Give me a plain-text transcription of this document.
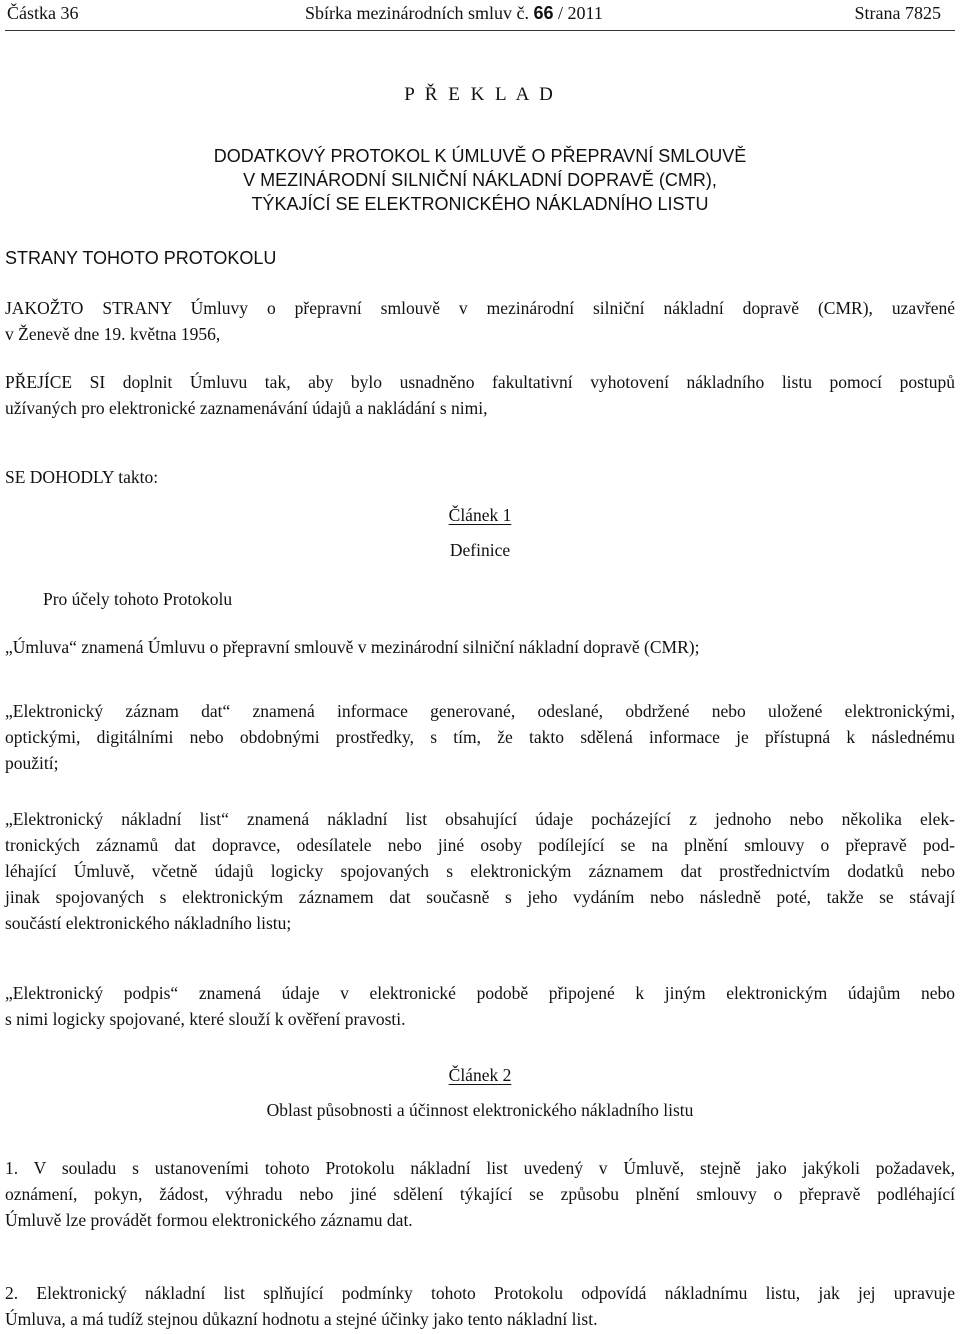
Částka 36	Sbírka mezinárodních smluv č. 66 / 2011	Strana 7825
P Ř E K L A D
DODATKOVÝ PROTOKOL K ÚMLUVĚ O PŘEPRAVNÍ SMLOUVĚ
V MEZINÁRODNÍ SILNIČNÍ NÁKLADNÍ DOPRAVĚ (CMR),
TÝKAJÍCÍ SE ELEKTRONICKÉHO NÁKLADNÍHO LISTU
STRANY TOHOTO PROTOKOLU
JAKOŽTO STRANY Úmluvy o přepravní smlouvě v mezinárodní silniční nákladní dopravě (CMR), uzavřené
v Ženevě dne 19. května 1956,
PŘEJÍCE SI doplnit Úmluvu tak, aby bylo usnadněno fakultativní vyhotovení nákladního listu pomocí postupů
užívaných pro elektronické zaznamenávání údajů a nakládání s nimi,
SE DOHODLY takto:
Článek 1
Definice
Pro účely tohoto Protokolu
„Úmluva“ znamená Úmluvu o přepravní smlouvě v mezinárodní silniční nákladní dopravě (CMR);
„Elektronický záznam dat“ znamená informace generované, odeslané, obdržené nebo uložené elektronickými,
optickými, digitálními nebo obdobnými prostředky, s tím, že takto sdělená informace je přístupná k následnému
použití;
„Elektronický nákladní list“ znamená nákladní list obsahující údaje pocházející z jednoho nebo několika elek-
tronických záznamů dat dopravce, odesílatele nebo jiné osoby podílející se na plnění smlouvy o přepravě pod-
léhající Úmluvě, včetně údajů logicky spojovaných s elektronickým záznamem dat prostřednictvím dodatků nebo
jinak spojovaných s elektronickým záznamem dat současně s jeho vydáním nebo následně poté, takže se stávají
součástí elektronického nákladního listu;
„Elektronický podpis“ znamená údaje v elektronické podobě připojené k jiným elektronickým údajům nebo
s nimi logicky spojované, které slouží k ověření pravosti.
Článek 2
Oblast působnosti a účinnost elektronického nákladního listu
1. V souladu s ustanoveními tohoto Protokolu nákladní list uvedený v Úmluvě, stejně jako jakýkoli požadavek,
oznámení, pokyn, žádost, výhradu nebo jiné sdělení týkající se způsobu plnění smlouvy o přepravě podléhající
Úmluvě lze provádět formou elektronického záznamu dat.
2. Elektronický nákladní list splňující podmínky tohoto Protokolu odpovídá nákladnímu listu, jak jej upravuje
Úmluva, a má tudíž stejnou důkazní hodnotu a stejné účinky jako tento nákladní list.
